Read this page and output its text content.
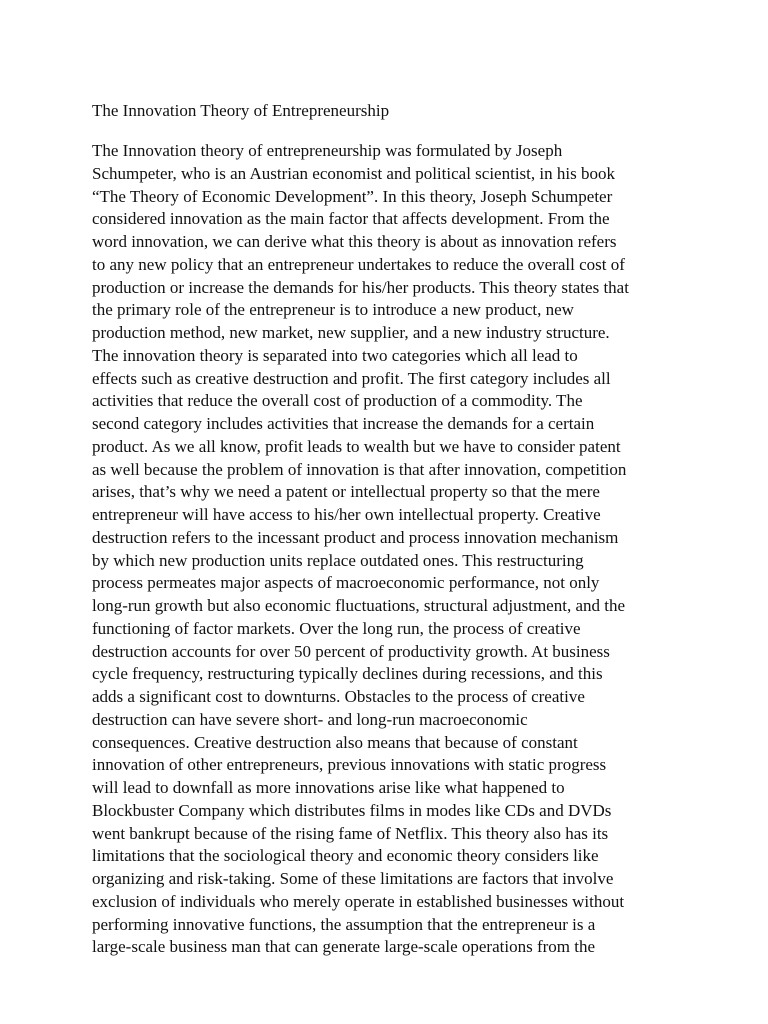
The Innovation Theory of Entrepreneurship
The Innovation theory of entrepreneurship was formulated by Joseph
Schumpeter, who is an Austrian economist and political scientist, in his book
“The Theory of Economic Development”. In this theory, Joseph Schumpeter
considered innovation as the main factor that affects development. From the
word innovation, we can derive what this theory is about as innovation refers
to any new policy that an entrepreneur undertakes to reduce the overall cost of
production or increase the demands for his/her products. This theory states that
the primary role of the entrepreneur is to introduce a new product, new
production method, new market, new supplier, and a new industry structure.
The innovation theory is separated into two categories which all lead to
effects such as creative destruction and profit. The first category includes all
activities that reduce the overall cost of production of a commodity. The
second category includes activities that increase the demands for a certain
product. As we all know, profit leads to wealth but we have to consider patent
as well because the problem of innovation is that after innovation, competition
arises, that’s why we need a patent or intellectual property so that the mere
entrepreneur will have access to his/her own intellectual property. Creative
destruction refers to the incessant product and process innovation mechanism
by which new production units replace outdated ones. This restructuring
process permeates major aspects of macroeconomic performance, not only
long-run growth but also economic fluctuations, structural adjustment, and the
functioning of factor markets. Over the long run, the process of creative
destruction accounts for over 50 percent of productivity growth. At business
cycle frequency, restructuring typically declines during recessions, and this
adds a significant cost to downturns. Obstacles to the process of creative
destruction can have severe short- and long-run macroeconomic
consequences. Creative destruction also means that because of constant
innovation of other entrepreneurs, previous innovations with static progress
will lead to downfall as more innovations arise like what happened to
Blockbuster Company which distributes films in modes like CDs and DVDs
went bankrupt because of the rising fame of Netflix. This theory also has its
limitations that the sociological theory and economic theory considers like
organizing and risk-taking. Some of these limitations are factors that involve
exclusion of individuals who merely operate in established businesses without
performing innovative functions, the assumption that the entrepreneur is a
large-scale business man that can generate large-scale operations from the
